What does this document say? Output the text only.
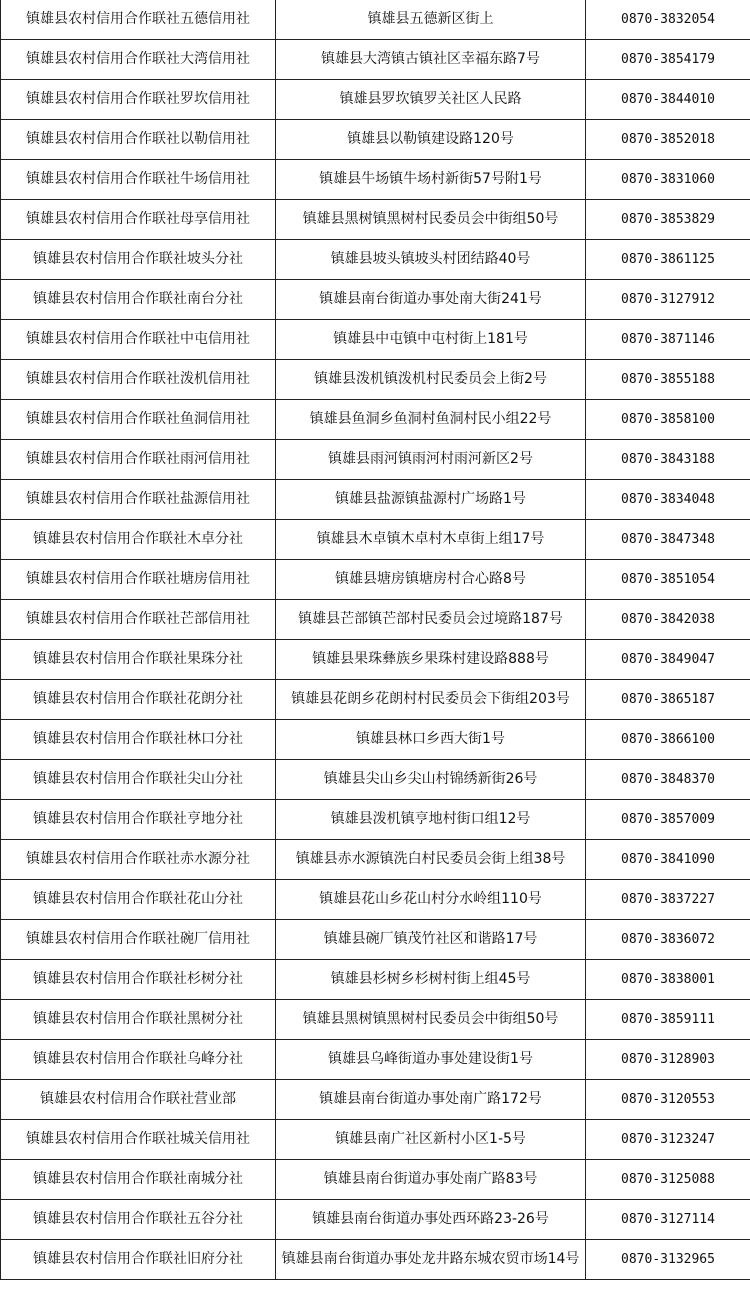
镇雄县农村信用合作联社五德信用社	镇雄县五德新区街上	0870-3832054
镇雄县农村信用合作联社大湾信用社	镇雄县大湾镇古镇社区幸福东路7号	0870-3854179
镇雄县农村信用合作联社罗坎信用社	镇雄县罗坎镇罗关社区人民路	0870-3844010
镇雄县农村信用合作联社以勒信用社	镇雄县以勒镇建设路120号	0870-3852018
镇雄县农村信用合作联社牛场信用社	镇雄县牛场镇牛场村新街57号附1号	0870-3831060
镇雄县农村信用合作联社母享信用社	镇雄县黑树镇黑树村民委员会中街组50号	0870-3853829
镇雄县农村信用合作联社坡头分社	镇雄县坡头镇坡头村团结路40号	0870-3861125
镇雄县农村信用合作联社南台分社	镇雄县南台街道办事处南大街241号	0870-3127912
镇雄县农村信用合作联社中屯信用社	镇雄县中屯镇中屯村街上181号	0870-3871146
镇雄县农村信用合作联社泼机信用社	镇雄县泼机镇泼机村民委员会上街2号	0870-3855188
镇雄县农村信用合作联社鱼洞信用社	镇雄县鱼洞乡鱼洞村鱼洞村民小组22号	0870-3858100
镇雄县农村信用合作联社雨河信用社	镇雄县雨河镇雨河村雨河新区2号	0870-3843188
镇雄县农村信用合作联社盐源信用社	镇雄县盐源镇盐源村广场路1号	0870-3834048
镇雄县农村信用合作联社木卓分社	镇雄县木卓镇木卓村木卓街上组17号	0870-3847348
镇雄县农村信用合作联社塘房信用社	镇雄县塘房镇塘房村合心路8号	0870-3851054
镇雄县农村信用合作联社芒部信用社	镇雄县芒部镇芒部村民委员会过境路187号	0870-3842038
镇雄县农村信用合作联社果珠分社	镇雄县果珠彝族乡果珠村建设路888号	0870-3849047
镇雄县农村信用合作联社花朗分社	镇雄县花朗乡花朗村村民委员会下街组203号	0870-3865187
镇雄县农村信用合作联社林口分社	镇雄县林口乡西大街1号	0870-3866100
镇雄县农村信用合作联社尖山分社	镇雄县尖山乡尖山村锦绣新街26号	0870-3848370
镇雄县农村信用合作联社亨地分社	镇雄县泼机镇亨地村街口组12号	0870-3857009
镇雄县农村信用合作联社赤水源分社	镇雄县赤水源镇洗白村民委员会街上组38号	0870-3841090
镇雄县农村信用合作联社花山分社	镇雄县花山乡花山村分水岭组110号	0870-3837227
镇雄县农村信用合作联社碗厂信用社	镇雄县碗厂镇茂竹社区和谐路17号	0870-3836072
镇雄县农村信用合作联社杉树分社	镇雄县杉树乡杉树村街上组45号	0870-3838001
镇雄县农村信用合作联社黑树分社	镇雄县黑树镇黑树村民委员会中街组50号	0870-3859111
镇雄县农村信用合作联社乌峰分社	镇雄县乌峰街道办事处建设街1号	0870-3128903
镇雄县农村信用合作联社营业部	镇雄县南台街道办事处南广路172号	0870-3120553
镇雄县农村信用合作联社城关信用社	镇雄县南广社区新村小区1-5号	0870-3123247
镇雄县农村信用合作联社南城分社	镇雄县南台街道办事处南广路83号	0870-3125088
镇雄县农村信用合作联社五谷分社	镇雄县南台街道办事处西环路23-26号	0870-3127114
镇雄县农村信用合作联社旧府分社	镇雄县南台街道办事处龙井路东城农贸市场14号	0870-3132965
